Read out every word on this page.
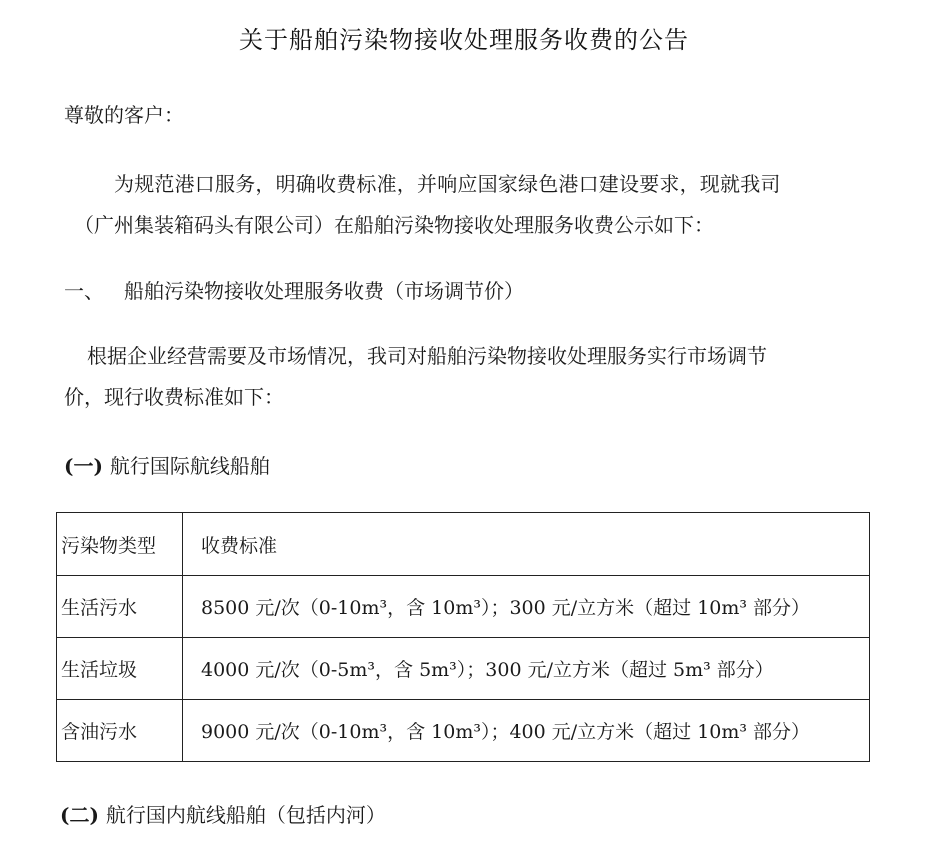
关于船舶污染物接收处理服务收费的公告
尊敬的客户：
为规范港口服务，明确收费标准，并响应国家绿色港口建设要求，现就我司
（广州集装箱码头有限公司）在船舶污染物接收处理服务收费公示如下：
一、 船舶污染物接收处理服务收费（市场调节价）
根据企业经营需要及市场情况，我司对船舶污染物接收处理服务实行市场调节
价，现行收费标准如下：
(一) 航行国际航线船舶
污染物类型	收费标准
生活污水	8500 元/次（0-10m³，含 10m³）；300 元/立方米（超过 10m³ 部分）
生活垃圾	4000 元/次（0-5m³，含 5m³）；300 元/立方米（超过 5m³ 部分）
含油污水	9000 元/次（0-10m³，含 10m³）；400 元/立方米（超过 10m³ 部分）
(二) 航行国内航线船舶（包括内河）
